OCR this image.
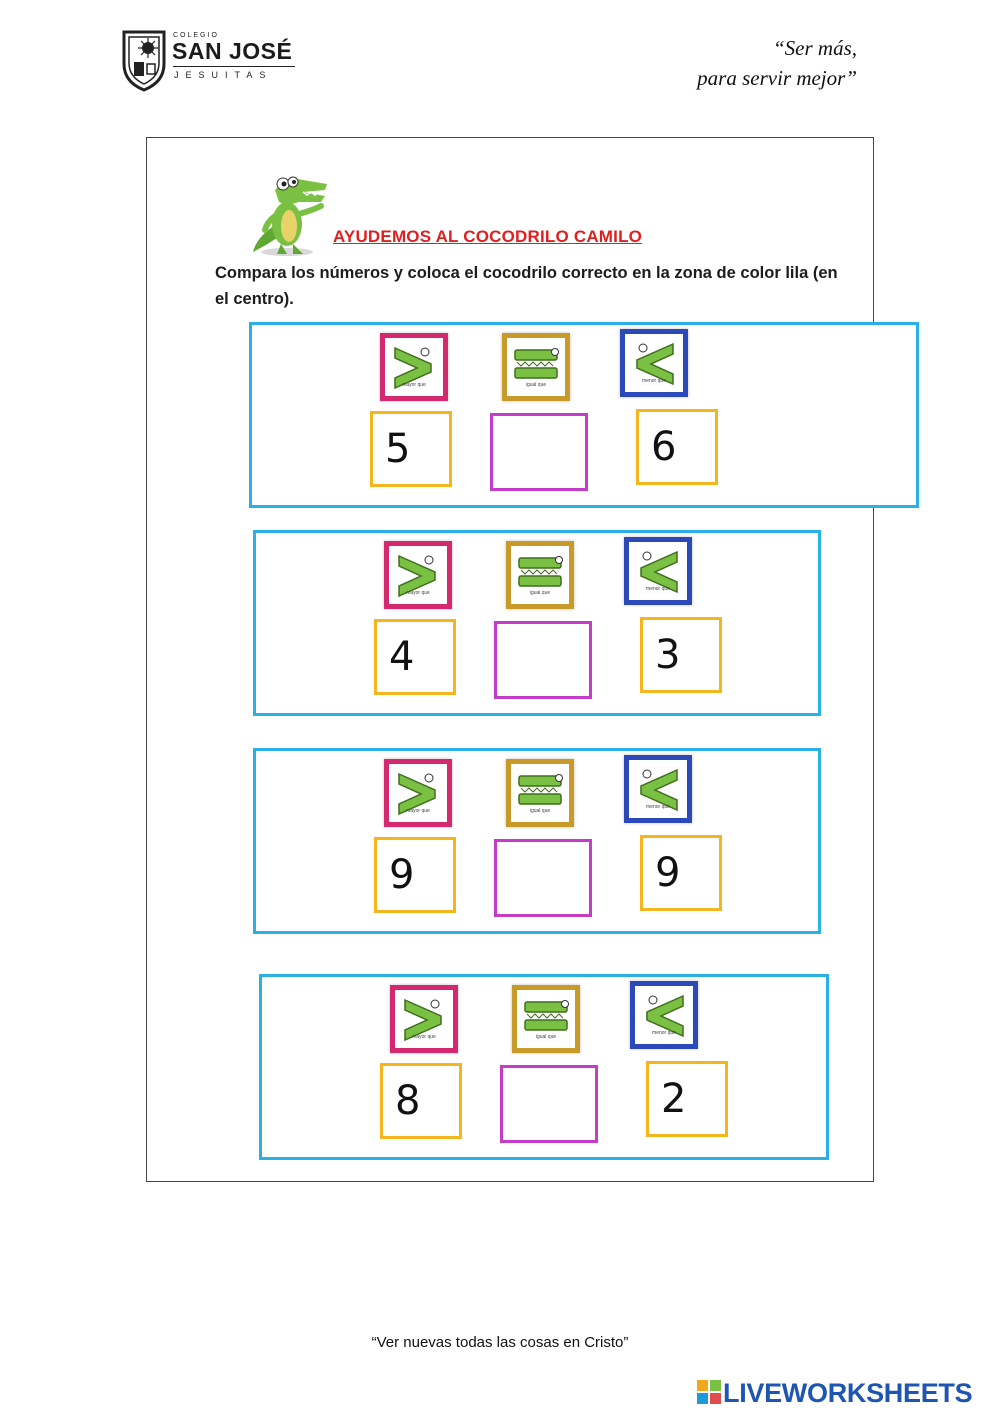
COLEGIO
SAN JOSÉ
JESUITAS
“Ser más,
para servir mejor”
AYUDEMOS AL COCODRILO CAMILO
Compara los números y coloca el cocodrilo correcto en la zona de color lila (en el centro).
mayor que	igual que
menor que
5	6
mayor que	igual que
menor que
4	3
mayor que	igual que
menor que
9	9
mayor que	igual que
menor que
8	2
“Ver nuevas todas las cosas en Cristo”
LIVEWORKSHEETS
